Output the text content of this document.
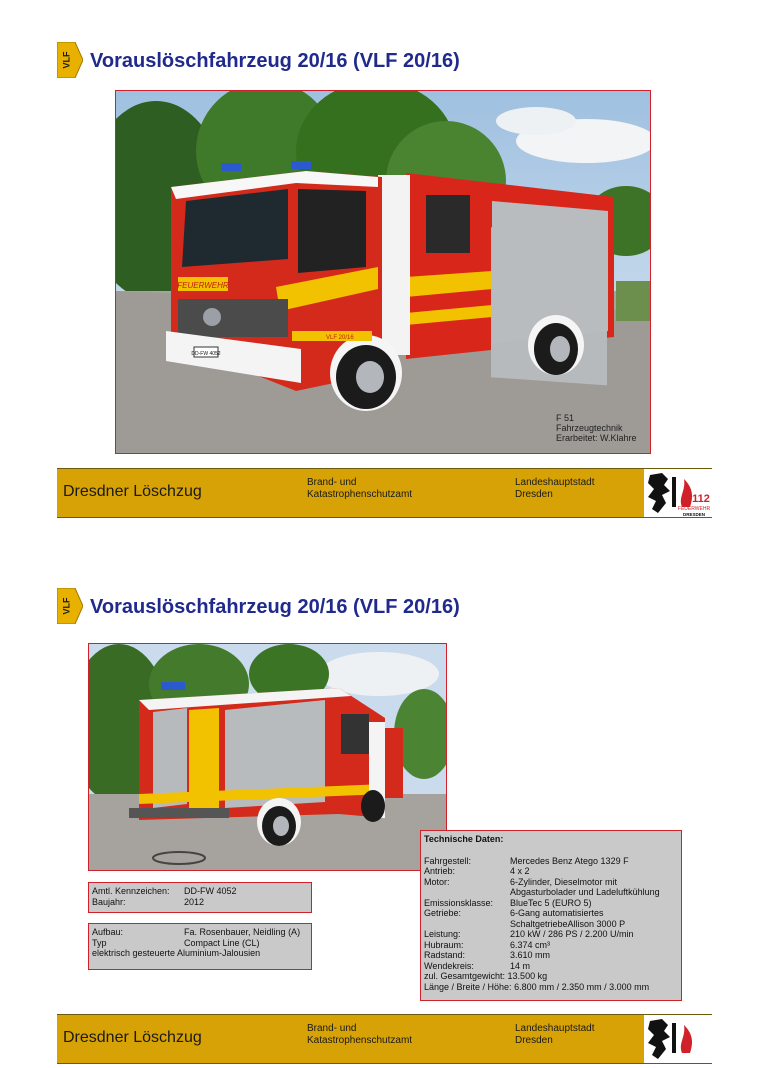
VLF Vorauslöschfahrzeug 20/16 (VLF 20/16)
FEUERWEHR
DD-FW 4052
VLF 20/16
F 51
Fahrzeugtechnik
Erarbeitet: W.Klahre
Dresdner Löschzug
Brand- und
Katastrophenschutzamt
Landeshauptstadt
Dresden	112
FEUERWEHR
DRESDEN
VLF Vorauslöschfahrzeug 20/16 (VLF 20/16)
Amtl. Kennzeichen:	DD-FW 4052
Baujahr:	2012
Aufbau:	Fa. Rosenbauer, Neidling (A)
Typ	Compact Line (CL)
elektrisch gesteuerte Aluminium-Jalousien
Technische Daten:
Fahrgestell:	Mercedes Benz Atego 1329 F
Antrieb:	4 x 2
Motor:	6-Zylinder, Dieselmotor mit
Abgasturbolader und Ladeluftkühlung
Emissionsklasse:	BlueTec 5 (EURO 5)
Getriebe:	6-Gang automatisiertes
SchaltgetriebeAllison 3000 P
Leistung:	210 kW / 286 PS / 2.200 U/min
Hubraum:	6.374 cm³
Radstand:	3.610 mm
Wendekreis:	14 m
zul. Gesamtgewicht:
13.500 kg
Länge / Breite / Höhe:
6.800 mm / 2.350 mm / 3.000 mm
Dresdner Löschzug
Brand- und
Katastrophenschutzamt
Landeshauptstadt
Dresden
